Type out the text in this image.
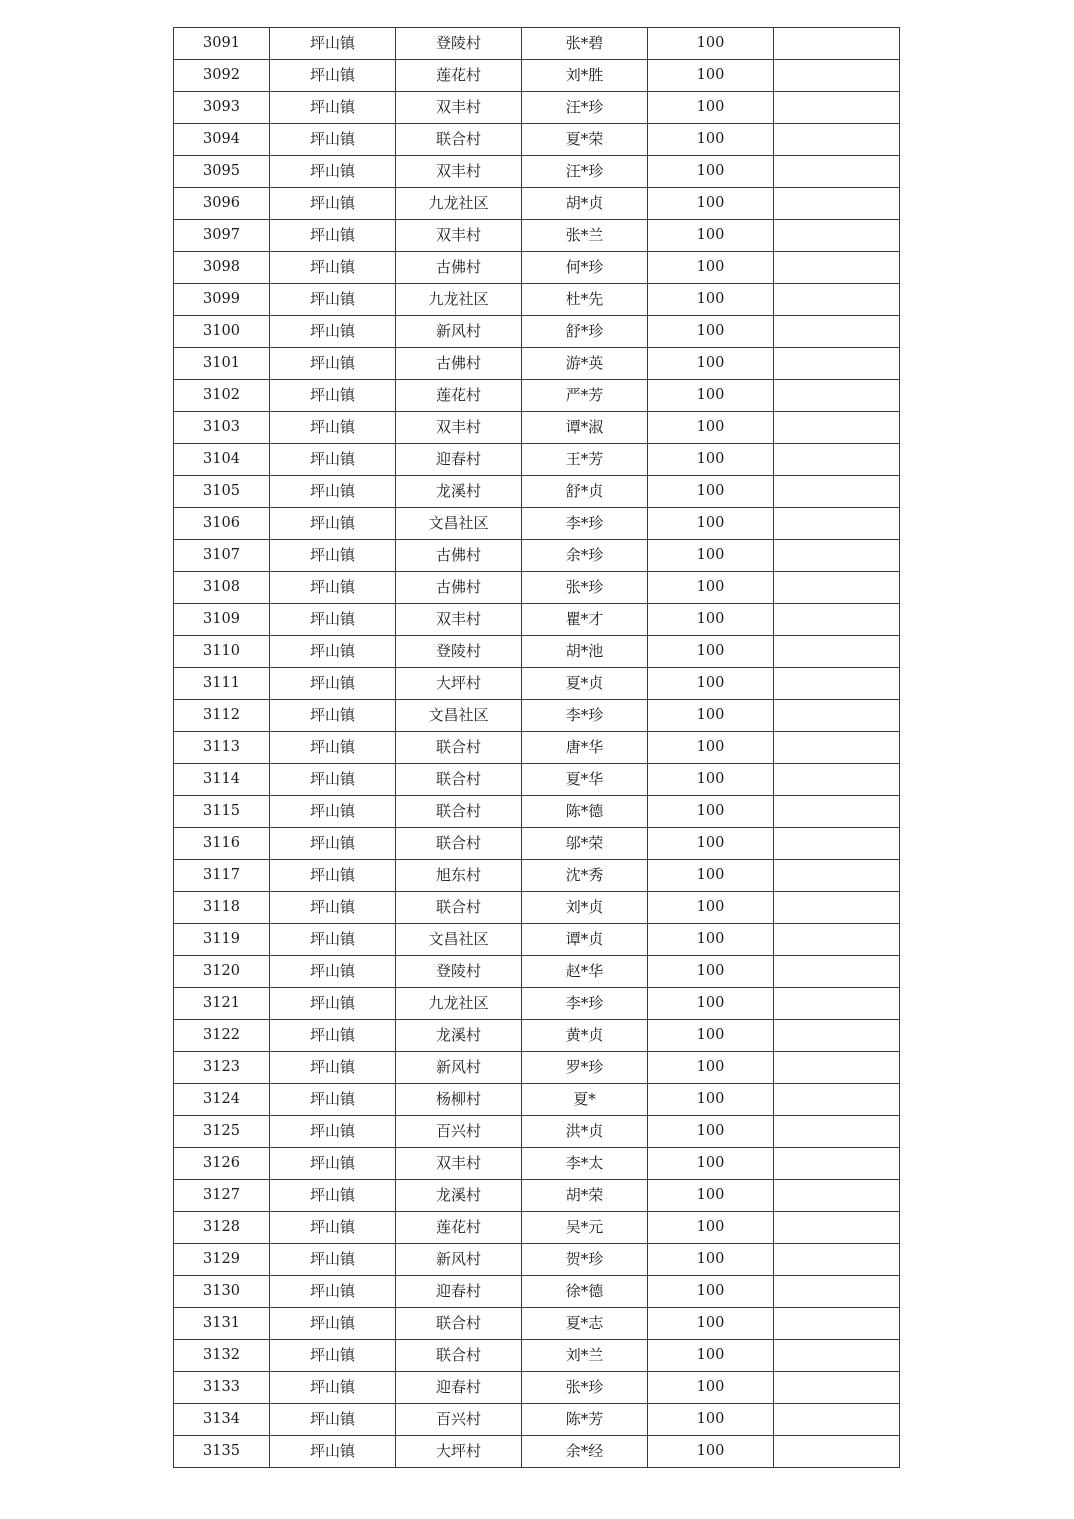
3091	坪山镇	登陵村	张*碧	100	
3092	坪山镇	莲花村	刘*胜	100	
3093	坪山镇	双丰村	汪*珍	100	
3094	坪山镇	联合村	夏*荣	100	
3095	坪山镇	双丰村	汪*珍	100	
3096	坪山镇	九龙社区	胡*贞	100	
3097	坪山镇	双丰村	张*兰	100	
3098	坪山镇	古佛村	何*珍	100	
3099	坪山镇	九龙社区	杜*先	100	
3100	坪山镇	新风村	舒*珍	100	
3101	坪山镇	古佛村	游*英	100	
3102	坪山镇	莲花村	严*芳	100	
3103	坪山镇	双丰村	谭*淑	100	
3104	坪山镇	迎春村	王*芳	100	
3105	坪山镇	龙溪村	舒*贞	100	
3106	坪山镇	文昌社区	李*珍	100	
3107	坪山镇	古佛村	余*珍	100	
3108	坪山镇	古佛村	张*珍	100	
3109	坪山镇	双丰村	瞿*才	100	
3110	坪山镇	登陵村	胡*池	100	
3111	坪山镇	大坪村	夏*贞	100	
3112	坪山镇	文昌社区	李*珍	100	
3113	坪山镇	联合村	唐*华	100	
3114	坪山镇	联合村	夏*华	100	
3115	坪山镇	联合村	陈*德	100	
3116	坪山镇	联合村	邬*荣	100	
3117	坪山镇	旭东村	沈*秀	100	
3118	坪山镇	联合村	刘*贞	100	
3119	坪山镇	文昌社区	谭*贞	100	
3120	坪山镇	登陵村	赵*华	100	
3121	坪山镇	九龙社区	李*珍	100	
3122	坪山镇	龙溪村	黄*贞	100	
3123	坪山镇	新风村	罗*珍	100	
3124	坪山镇	杨柳村	夏*	100	
3125	坪山镇	百兴村	洪*贞	100	
3126	坪山镇	双丰村	李*太	100	
3127	坪山镇	龙溪村	胡*荣	100	
3128	坪山镇	莲花村	吴*元	100	
3129	坪山镇	新风村	贺*珍	100	
3130	坪山镇	迎春村	徐*德	100	
3131	坪山镇	联合村	夏*志	100	
3132	坪山镇	联合村	刘*兰	100	
3133	坪山镇	迎春村	张*珍	100	
3134	坪山镇	百兴村	陈*芳	100	
3135	坪山镇	大坪村	余*经	100	
